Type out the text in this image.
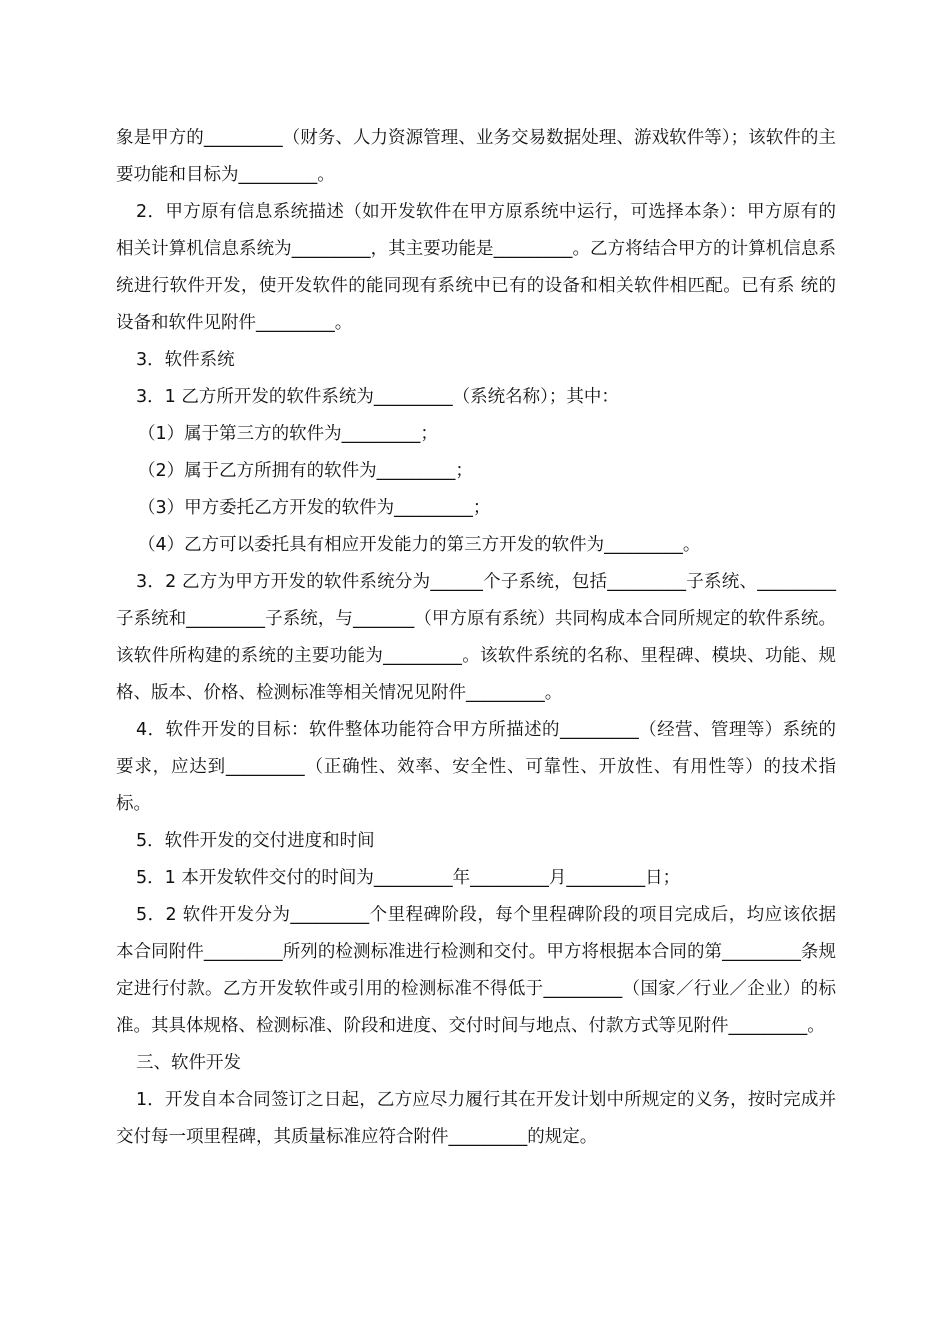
象是甲方的_________（财务、人力资源管理、业务交易数据处理、游戏软件等）；该软件的主要功能和目标为_________。

2．甲方原有信息系统描述（如开发软件在甲方原系统中运行，可选择本条）：甲方原有的相关计算机信息系统为_________，其主要功能是_________。乙方将结合甲方的计算机信息系统进行软件开发，使开发软件的能同现有系统中已有的设备和相关软件相匹配。已有系 统的设备和软件见附件_________。

3．软件系统

3．1 乙方所开发的软件系统为_________（系统名称）；其中：

（1）属于第三方的软件为_________；

（2）属于乙方所拥有的软件为_________；

（3）甲方委托乙方开发的软件为_________；

（4）乙方可以委托具有相应开发能力的第三方开发的软件为_________。

3．2 乙方为甲方开发的软件系统分为______个子系统，包括_________子系统、_________子系统和_________子系统，与_______（甲方原有系统）共同构成本合同所规定的软件系统。该软件所构建的系统的主要功能为_________。该软件系统的名称、里程碑、模块、功能、规格、版本、价格、检测标准等相关情况见附件_________。

4．软件开发的目标：软件整体功能符合甲方所描述的_________（经营、管理等）系统的要求，应达到_________（正确性、效率、安全性、可靠性、开放性、有用性等）的技术指标。

5．软件开发的交付进度和时间

5．1 本开发软件交付的时间为_________年_________月_________日；

5．2 软件开发分为_________个里程碑阶段，每个里程碑阶段的项目完成后，均应该依据本合同附件_________所列的检测标准进行检测和交付。甲方将根据本合同的第_________条规定进行付款。乙方开发软件或引用的检测标准不得低于_________（国家／行业／企业）的标准。其具体规格、检测标准、阶段和进度、交付时间与地点、付款方式等见附件_________。

三、软件开发

1．开发自本合同签订之日起，乙方应尽力履行其在开发计划中所规定的义务，按时完成并交付每一项里程碑，其质量标准应符合附件_________的规定。
